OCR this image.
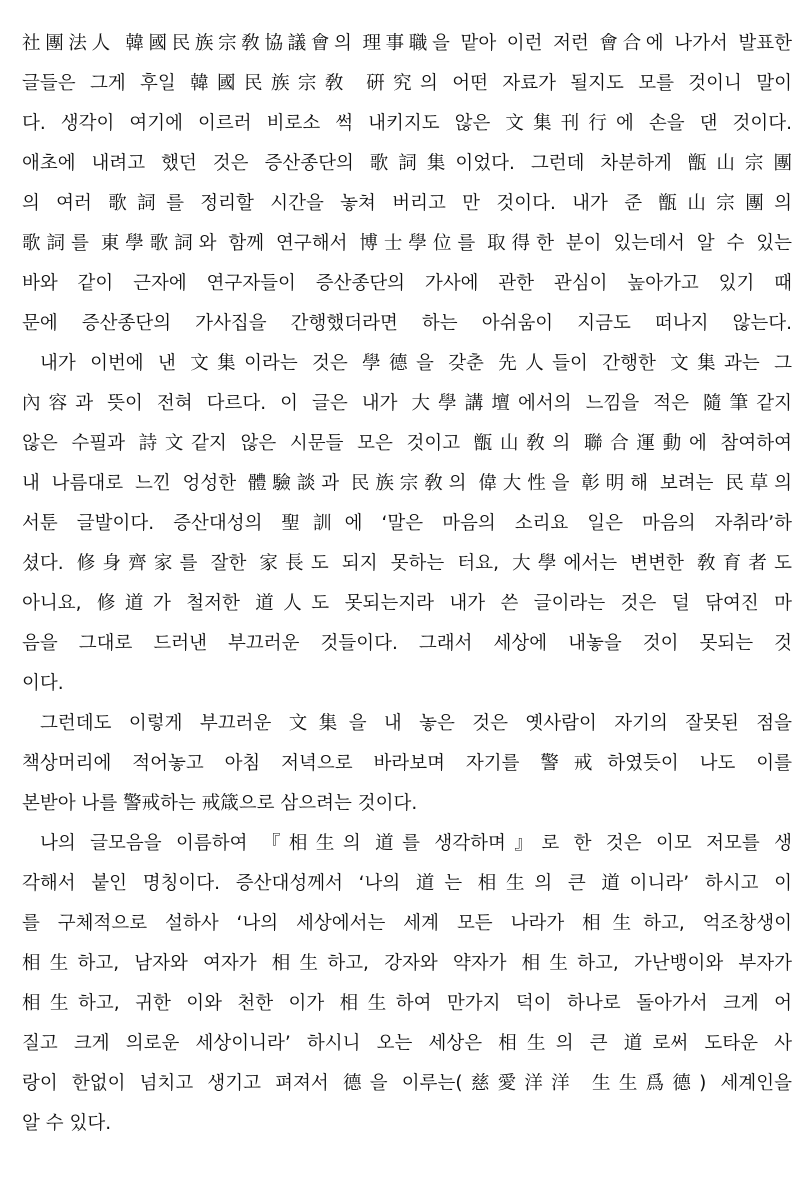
社團法人 韓國民族宗敎協議會의 理事職을 맡아 이런 저런 會合에 나가서 발표한
글들은 그게 후일 韓國民族宗敎 硏究의 어떤 자료가 될지도 모를 것이니 말이
다. 생각이 여기에 이르러 비로소 썩 내키지도 않은 文集刊行에 손을 댄 것이다.
애초에 내려고 했던 것은 증산종단의 歌詞集이었다. 그런데 차분하게 甑山宗團
의 여러 歌詞를 정리할 시간을 놓쳐 버리고 만 것이다. 내가 준 甑山宗團의
歌詞를 東學歌詞와 함께 연구해서 博士學位를 取得한 분이 있는데서 알 수 있는
바와 같이 근자에 연구자들이 증산종단의 가사에 관한 관심이 높아가고 있기 때
문에 증산종단의 가사집을 간행했더라면 하는 아쉬움이 지금도 떠나지 않는다.
내가 이번에 낸 文集이라는 것은 學德을 갖춘 先人들이 간행한 文集과는 그
內容과 뜻이 전혀 다르다. 이 글은 내가 大學講壇에서의 느낌을 적은 隨筆같지
않은 수필과 詩文같지 않은 시문들 모은 것이고 甑山敎의 聯合運動에 참여하여
내 나름대로 느낀 엉성한 體驗談과 民族宗敎의 偉大性을 彰明해 보려는 民草의
서툰 글발이다. 증산대성의 聖訓에 ‘말은 마음의 소리요 일은 마음의 자취라’하
셨다. 修身齊家를 잘한 家長도 되지 못하는 터요, 大學에서는 변변한 敎育者도
아니요, 修道가 철저한 道人도 못되는지라 내가 쓴 글이라는 것은 덜 닦여진 마
음을 그대로 드러낸 부끄러운 것들이다. 그래서 세상에 내놓을 것이 못되는 것
이다.
그런데도 이렇게 부끄러운 文集을 내 놓은 것은 옛사람이 자기의 잘못된 점을
책상머리에 적어놓고 아침 저녁으로 바라보며 자기를 警戒하였듯이 나도 이를
본받아 나를 警戒하는 戒箴으로 삼으려는 것이다.
나의 글모음을 이름하여 『相生의 道를 생각하며』로 한 것은 이모 저모를 생
각해서 붙인 명칭이다. 증산대성께서 ‘나의 道는 相生의 큰 道이니라’ 하시고 이
를 구체적으로 설하사 ‘나의 세상에서는 세계 모든 나라가 相生하고, 억조창생이
相生하고, 남자와 여자가 相生하고, 강자와 약자가 相生하고, 가난뱅이와 부자가
相生하고, 귀한 이와 천한 이가 相生하여 만가지 덕이 하나로 돌아가서 크게 어
질고 크게 의로운 세상이니라’ 하시니 오는 세상은 相生의 큰 道로써 도타운 사
랑이 한없이 넘치고 생기고 펴져서 德을 이루는(慈愛洋洋 生生爲德) 세계인을
알 수 있다.
